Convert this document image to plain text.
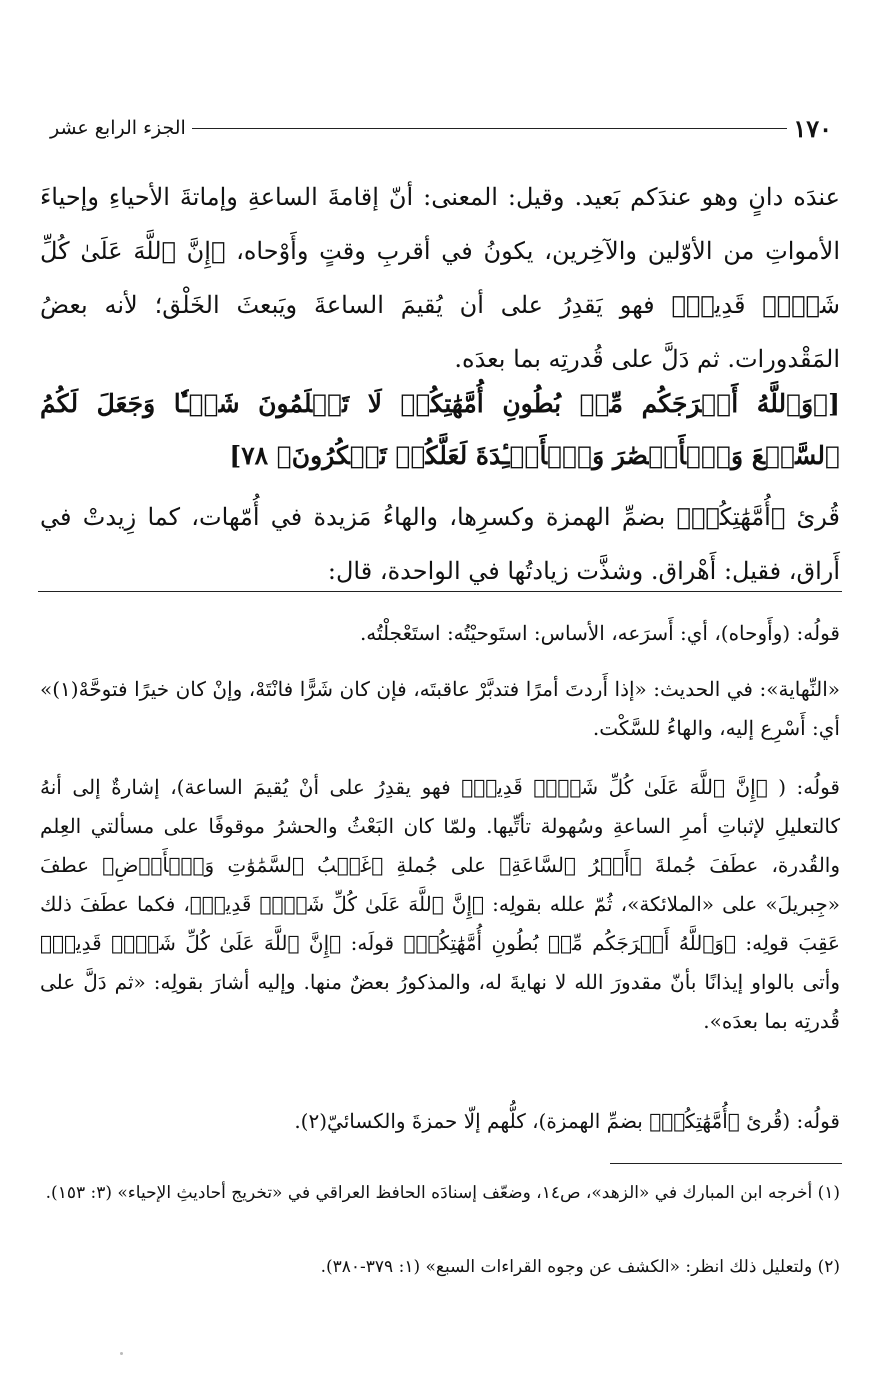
١٧٠
الجزء الرابع عشر

عندَه دانٍ وهو عندَكم بَعيد. وقيل: المعنى: أنّ إقامةَ الساعةِ وإماتةَ الأحياءِ وإحياءَ الأمواتِ من الأوّلين والآخِرين، يكونُ في أقربِ وقتٍ وأَوْحاه، ﴿إِنَّ ٱللَّهَ عَلَىٰ كُلِّ شَيۡءٖ قَدِيرٞ﴾ فهو يَقدِرُ على أن يُقيمَ الساعةَ ويَبعثَ الخَلْق؛ لأنه بعضُ المَقْدورات. ثم دَلَّ على قُدرتِه بما بعدَه.

[﴿وَٱللَّهُ أَخۡرَجَكُم مِّنۢ بُطُونِ أُمَّهَٰتِكُمۡ لَا تَعۡلَمُونَ شَيۡـٔٗا وَجَعَلَ لَكُمُ ٱلسَّمۡعَ وَٱلۡأَبۡصَٰرَ وَٱلۡأَفۡـِٔدَةَ لَعَلَّكُمۡ تَشۡكُرُونَ﴾ ٧٨]

قُرئ ﴿أُمَّهَٰتِكُمۡ﴾ بضمِّ الهمزة وكسرِها، والهاءُ مَزيدة في أُمّهات، كما زِيدتْ في أَراق، فقيل: أَهْراق. وشذَّت زيادتُها في الواحدة، قال:

قولُه: (وأَوحاه)، أي: أَسرَعه، الأساس: استَوحيْتُه: استَعْجلْتُه.

«النِّهاية»: في الحديث: «إذا أَردتَ أمرًا فتدبَّرْ عاقبتَه، فإن كان شَرًّا فانْتَهْ، وإنْ كان خيرًا فتوحَّهْ(١)» أي: أَسْرِع إليه، والهاءُ للسَّكْت.

قولُه: ( ﴿إِنَّ ٱللَّهَ عَلَىٰ كُلِّ شَيۡءٖ قَدِيرٞ﴾ فهو يقدِرُ على أنْ يُقيمَ الساعة)، إشارةٌ إلى أنهُ كالتعليلِ لإثباتِ أمرِ الساعةِ وسُهولة تأتِّيها. ولمّا كان البَعْثُ والحشرُ موقوفًا على مسألتي العِلم والقُدرة، عطَفَ جُملةَ ﴿أَمۡرُ ٱلسَّاعَةِ﴾ على جُملةِ ﴿غَيۡبُ ٱلسَّمَٰوَٰتِ وَٱلۡأَرۡضِ﴾ عطفَ «جِبريلَ» على «الملائكة»، ثُمّ علله بقولِه: ﴿إِنَّ ٱللَّهَ عَلَىٰ كُلِّ شَيۡءٖ قَدِيرٞ﴾، فكما عطَفَ ذلك عَقِبَ قولِه: ﴿وَٱللَّهُ أَخۡرَجَكُم مِّنۢ بُطُونِ أُمَّهَٰتِكُمۡ﴾ قولَه: ﴿إِنَّ ٱللَّهَ عَلَىٰ كُلِّ شَيۡءٖ قَدِيرٞ﴾ وأتى بالواو إيذانًا بأنّ مقدورَ الله لا نهايةَ له، والمذكورُ بعضٌ منها. وإليه أشارَ بقولِه: «ثم دَلَّ على قُدرتِه بما بعدَه».

قولُه: (قُرئ ﴿أُمَّهَٰتِكُمۡ﴾ بضمِّ الهمزة)، كلُّهم إلّا حمزةَ والكسائيّ(٢).

(١) أخرجه ابن المبارك في «الزهد»، ص١٤، وضعّف إسنادَه الحافظ العراقي في «تخريج أحاديثِ الإحياء» (٣: ١٥٣).

(٢) ولتعليل ذلك انظر: «الكشف عن وجوه القراءات السبع» (١: ٣٧٩-٣٨٠).
